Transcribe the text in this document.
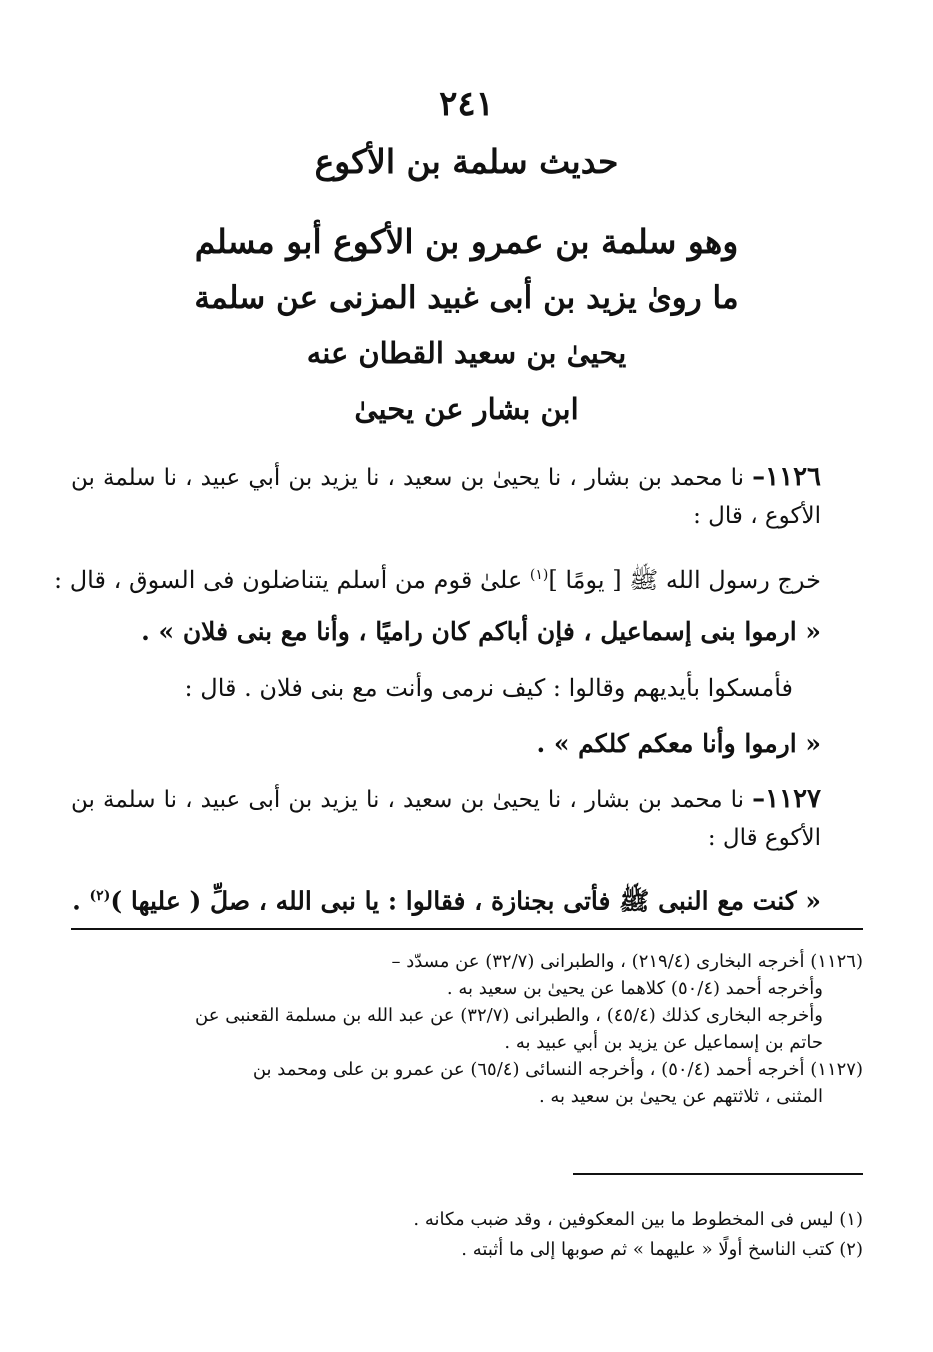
٢٤١
حديث سلمة بن الأكوع
وهو سلمة بن عمرو بن الأكوع أبو مسلم
ما روىٰ يزيد بن أبى غبيد المزنى عن سلمة
يحيىٰ بن سعيد القطان عنه
ابن بشار عن يحيىٰ
١١٢٦– نا محمد بن بشار ، نا يحيىٰ بن سعيد ، نا يزيد بن أبي عبيد ، نا سلمة بن الأكوع ، قال :
خرج رسول الله ﷺ [ يومًا ]$^{(١)}$ علىٰ قوم من أسلم يتناضلون فى السوق ، قال :
« ارموا بنى إسماعيل ، فإن أباكم كان راميًا ، وأنا مع بنى فلان » .
فأمسكوا بأيديهم وقالوا : كيف نرمى وأنت مع بنى فلان . قال :
« ارموا وأنا معكم كلكم » .
١١٢٧– نا محمد بن بشار ، نا يحيىٰ بن سعيد ، نا يزيد بن أبى عبيد ، نا سلمة بن الأكوع قال :
« كنت مع النبى ﷺ فأتى بجنازة ، فقالوا : يا نبى الله ، صلِّ ( عليها )$^{(٢)}$ .
(١١٢٦) أخرجه البخارى (٢١٩/٤) ، والطبرانى (٣٢/٧) عن مسدّد –
وأخرجه أحمد (٥٠/٤) كلاهما عن يحيىٰ بن سعيد به .
وأخرجه البخارى كذلك (٤٥/٤) ، والطبرانى (٣٢/٧) عن عبد الله بن مسلمة القعنبى عن
حاتم بن إسماعيل عن يزيد بن أبي عبيد به .
(١١٢٧) أخرجه أحمد (٥٠/٤) ، وأخرجه النسائى (٦٥/٤) عن عمرو بن على ومحمد بن
المثنى ، ثلاثتهم عن يحيىٰ بن سعيد به .
(١) ليس فى المخطوط ما بين المعكوفين ، وقد ضبب مكانه .
(٢) كتب الناسخ أولًا « عليهما » ثم صوبها إلى ما أثبته .
